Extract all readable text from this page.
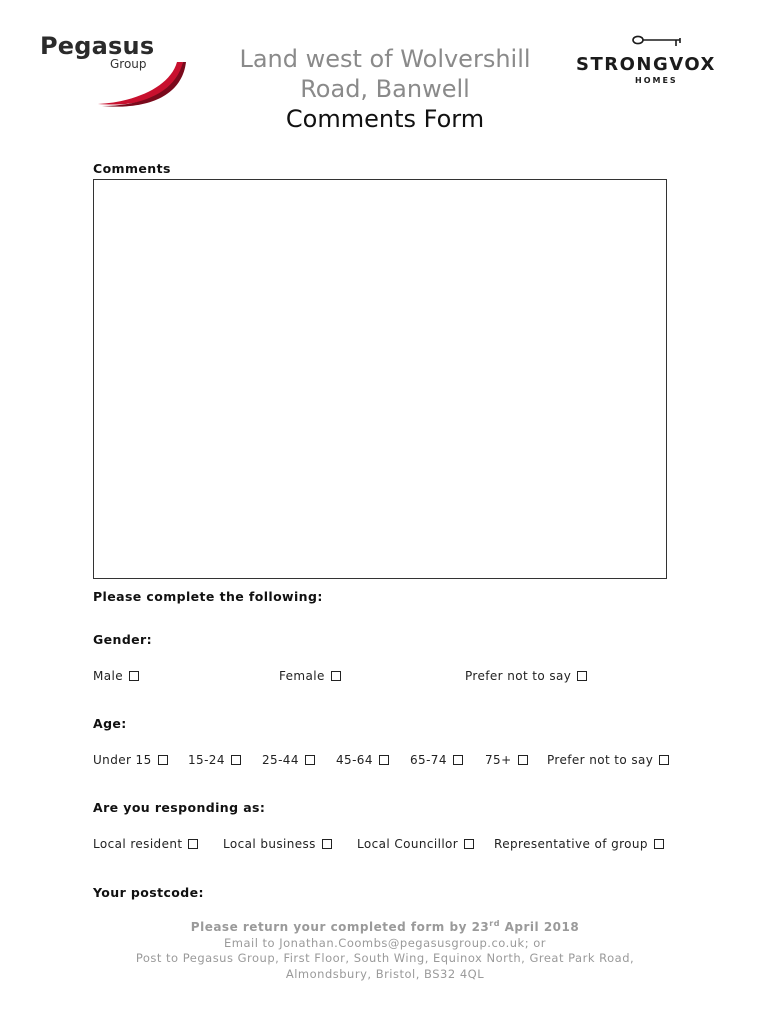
Pegasus
Group	Land west of Wolvershill
Road, Banwell
Comments Form
STRONGVOX
HOMES
Comments
Please complete the following:
Gender:
Male	Female	Prefer not to say
Age:
Under 15	15-24	25-44	45-64	65-74	75+	Prefer not to say
Are you responding as:
Local resident	Local business	Local Councillor	Representative of group
Your postcode:
Please return your completed form by 23rd April 2018
Email to Jonathan.Coombs@pegasusgroup.co.uk; or
Post to Pegasus Group, First Floor, South Wing, Equinox North, Great Park Road,
Almondsbury, Bristol, BS32 4QL
